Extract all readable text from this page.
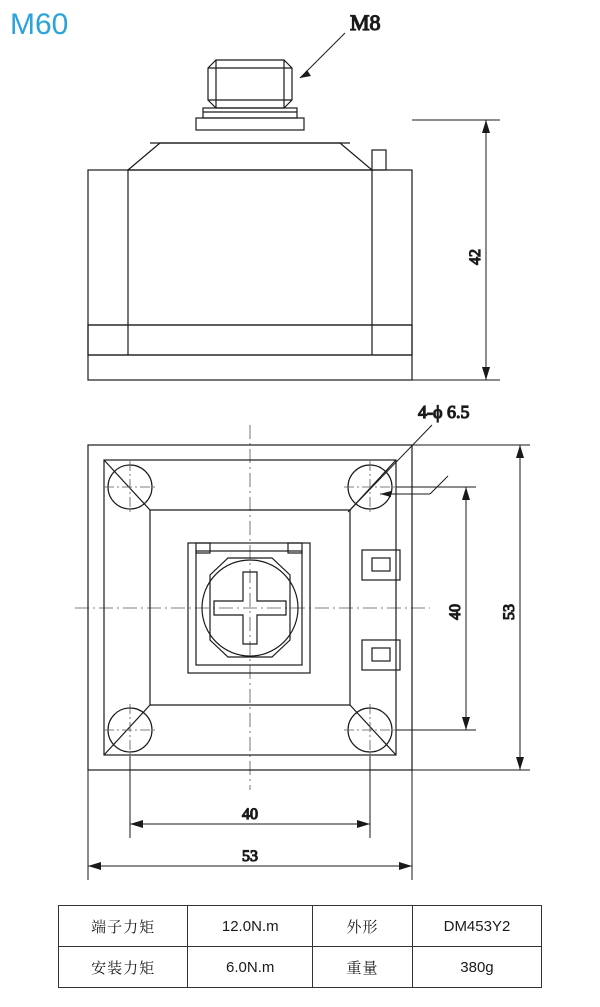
M60	M8
42
4-ϕ 6.5
40 53
40
53
端子力矩	12.0N.m	外形	DM453Y2
安装力矩	6.0N.m	重量	380g
